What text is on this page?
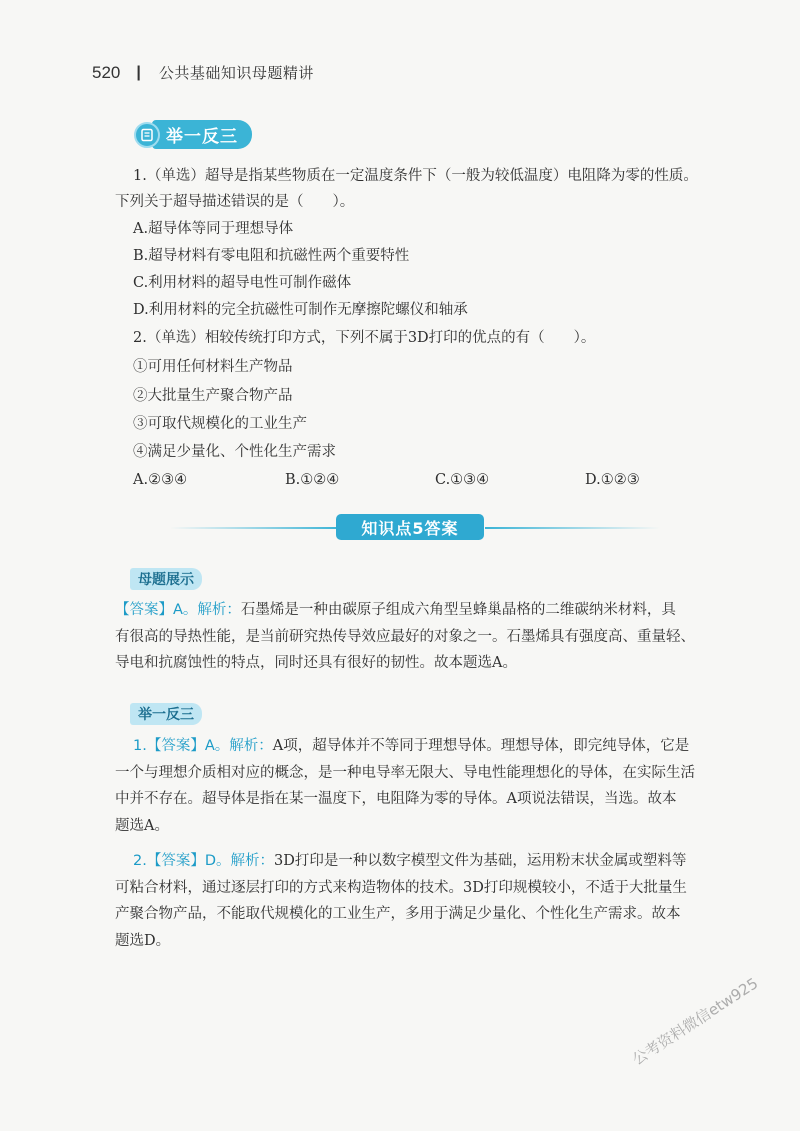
520 | 公共基础知识母题精讲
举一反三
1.（单选）超导是指某些物质在一定温度条件下（一般为较低温度）电阻降为零的性质。
下列关于超导描述错误的是（　　）。
A.超导体等同于理想导体
B.超导材料有零电阻和抗磁性两个重要特性
C.利用材料的超导电性可制作磁体
D.利用材料的完全抗磁性可制作无摩擦陀螺仪和轴承
2.（单选）相较传统打印方式，下列不属于3D打印的优点的有（　　）。
①可用任何材料生产物品
②大批量生产聚合物产品
③可取代规模化的工业生产
④满足少量化、个性化生产需求
A.②③④	B.①②④	C.①③④	D.①②③
知识点5答案
母题展示
【答案】A。解析：石墨烯是一种由碳原子组成六角型呈蜂巢晶格的二维碳纳米材料，具
有很高的导热性能，是当前研究热传导效应最好的对象之一。石墨烯具有强度高、重量轻、
导电和抗腐蚀性的特点，同时还具有很好的韧性。故本题选A。
举一反三
1.【答案】A。解析：A项，超导体并不等同于理想导体。理想导体，即完纯导体，它是
一个与理想介质相对应的概念，是一种电导率无限大、导电性能理想化的导体，在实际生活
中并不存在。超导体是指在某一温度下，电阻降为零的导体。A项说法错误，当选。故本
题选A。
2.【答案】D。解析：3D打印是一种以数字模型文件为基础，运用粉末状金属或塑料等
可粘合材料，通过逐层打印的方式来构造物体的技术。3D打印规模较小，不适于大批量生
产聚合物产品，不能取代规模化的工业生产，多用于满足少量化、个性化生产需求。故本
题选D。
公考资料微信etw925
